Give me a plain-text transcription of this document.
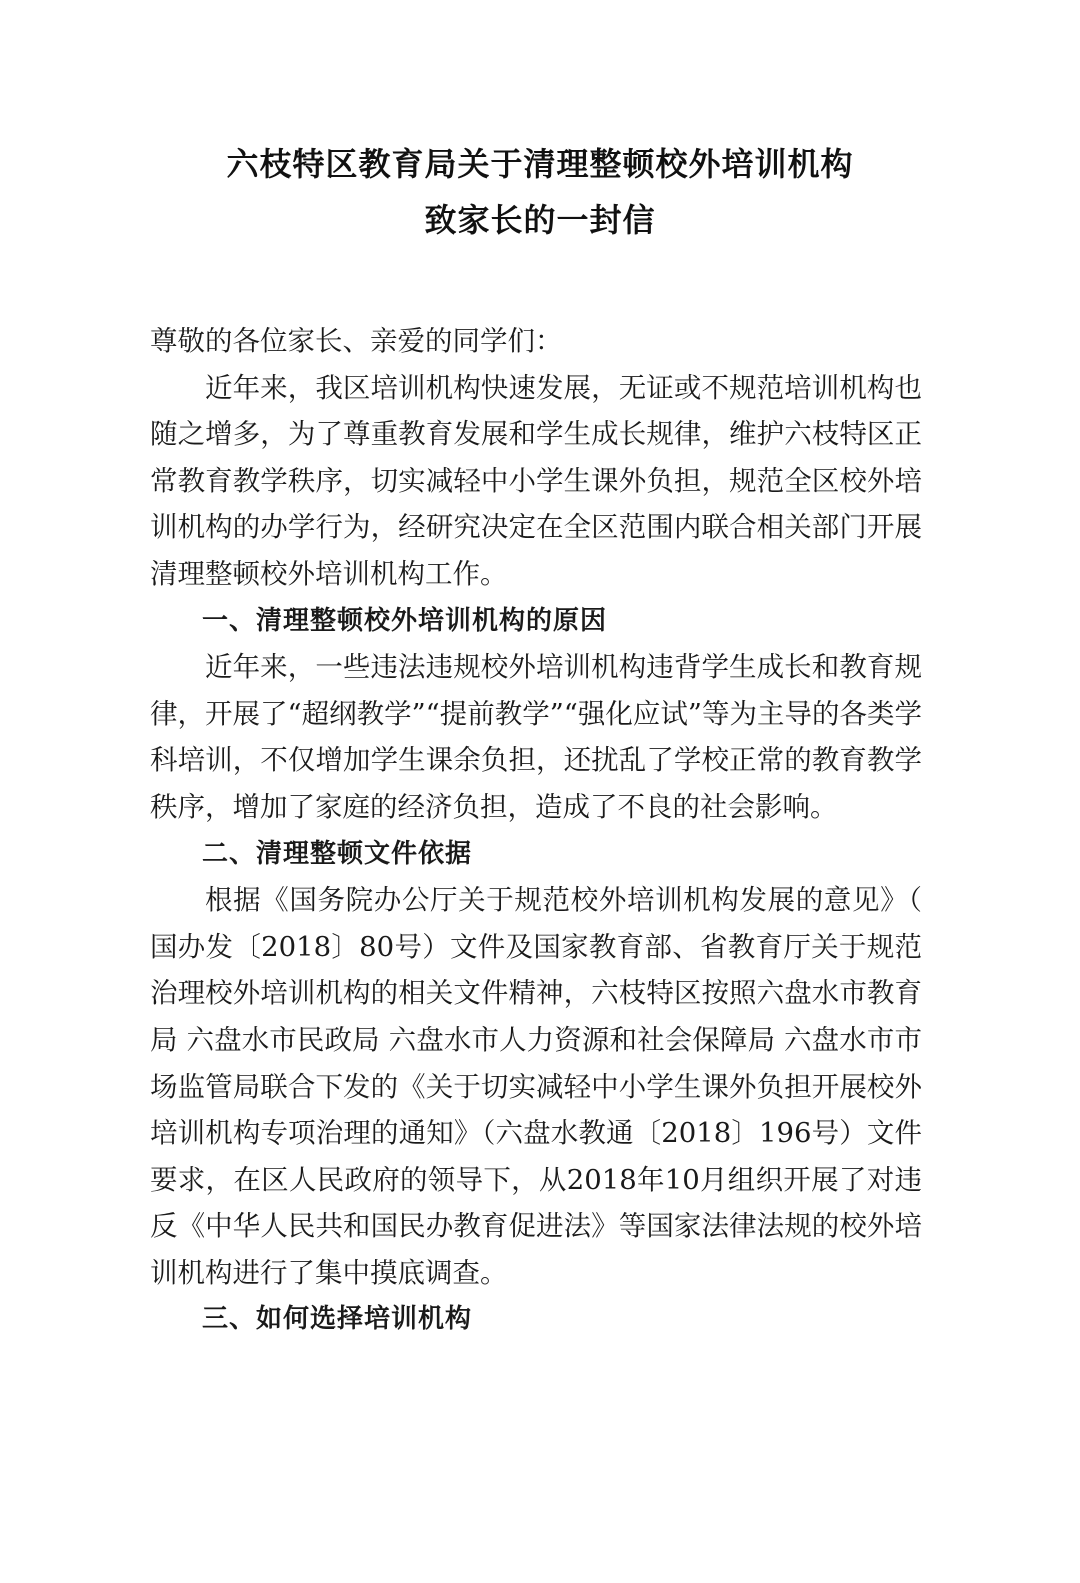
六枝特区教育局关于清理整顿校外培训机构
致家长的一封信

尊敬的各位家长、亲爱的同学们：

近年来，我区培训机构快速发展，无证或不规范培训机构也随之增多，为了尊重教育发展和学生成长规律，维护六枝特区正常教育教学秩序，切实减轻中小学生课外负担，规范全区校外培训机构的办学行为，经研究决定在全区范围内联合相关部门开展清理整顿校外培训机构工作。

一、清理整顿校外培训机构的原因

近年来，一些违法违规校外培训机构违背学生成长和教育规律，开展了“超纲教学”“提前教学”“强化应试”等为主导的各类学科培训，不仅增加学生课余负担，还扰乱了学校正常的教育教学秩序，增加了家庭的经济负担，造成了不良的社会影响。

二、清理整顿文件依据

根据《国务院办公厅关于规范校外培训机构发展的意见》（国办发〔2018〕80号）文件及国家教育部、省教育厅关于规范治理校外培训机构的相关文件精神，六枝特区按照六盘水市教育局 六盘水市民政局 六盘水市人力资源和社会保障局 六盘水市市场监管局联合下发的《关于切实减轻中小学生课外负担开展校外培训机构专项治理的通知》（六盘水教通〔2018〕196号）文件要求，在区人民政府的领导下，从2018年10月组织开展了对违反《中华人民共和国民办教育促进法》等国家法律法规的校外培训机构进行了集中摸底调查。

三、如何选择培训机构
